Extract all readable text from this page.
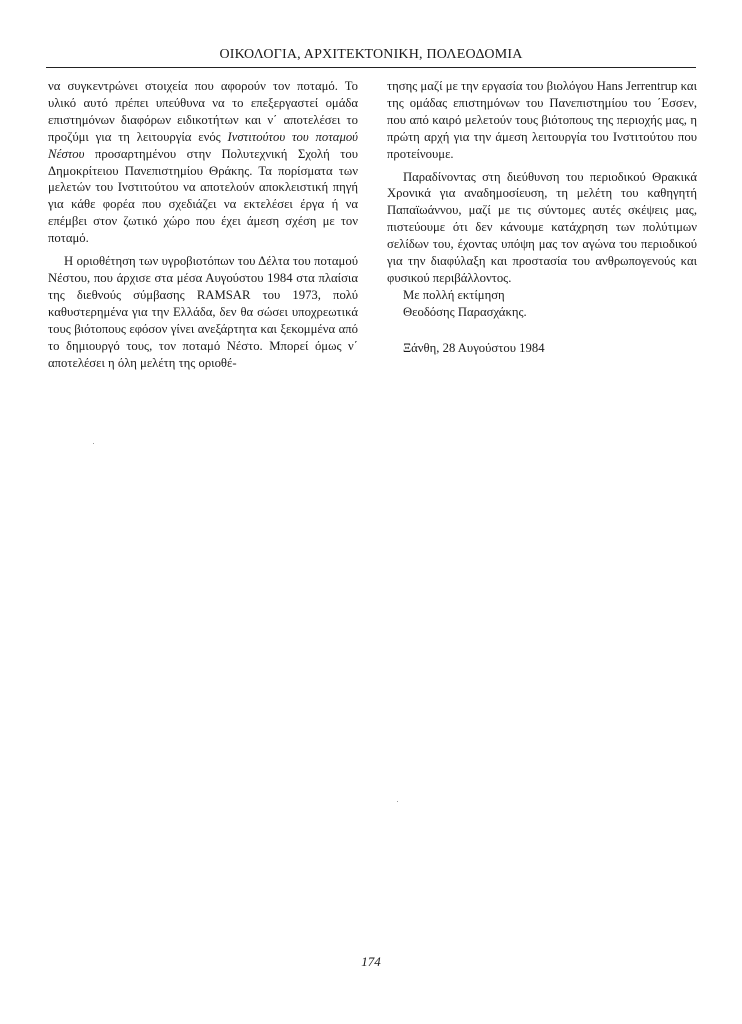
ΟΙΚΟΛΟΓΙΑ, ΑΡΧΙΤΕΚΤΟΝΙΚΗ, ΠΟΛΕΟΔΟΜΙΑ

να συγκεντρώνει στοιχεία που αφορούν τον ποταμό. Το υλικό αυτό πρέπει υπεύθυνα να το επεξεργαστεί ομάδα επιστημόνων διαφόρων ειδικοτήτων και ν΄ αποτελέσει το προζύμι για τη λειτουργία ενός Ινστιτούτου του ποταμού Νέστου προσαρτημένου στην Πολυτεχνική Σχολή του Δημοκρίτειου Πανεπιστημίου Θράκης. Τα πορίσματα των μελετών του Ινστιτούτου να αποτελούν αποκλειστική πηγή για κάθε φορέα που σχεδιάζει να εκτελέσει έργα ή να επέμβει στον ζωτικό χώρο που έχει άμεση σχέση με τον ποταμό.

Η οριοθέτηση των υγροβιοτόπων του Δέλτα του ποταμού Νέστου, που άρχισε στα μέσα Αυγούστου 1984 στα πλαίσια της διεθνούς σύμβασης RAMSAR του 1973, πολύ καθυστερημένα για την Ελλάδα, δεν θα σώσει υποχρεωτικά τους βιότοπους εφόσον γίνει ανεξάρτητα και ξεκομμένα από το δημιουργό τους, τον ποταμό Νέστο. Μπορεί όμως ν΄ αποτελέσει η όλη μελέτη της οριοθέ-

τησης μαζί με την εργασία του βιολόγου Hans Jerrentrup και της ομάδας επιστημόνων του Πανεπιστημίου του ΄Εσσεν, που από καιρό μελετούν τους βιότοπους της περιοχής μας, η πρώτη αρχή για την άμεση λειτουργία του Ινστιτούτου που προτείνουμε.

Παραδίνοντας στη διεύθυνση του περιοδικού Θρακικά Χρονικά για αναδημοσίευση, τη μελέτη του καθηγητή Παπαϊωάννου, μαζί με τις σύντομες αυτές σκέψεις μας, πιστεύουμε ότι δεν κάνουμε κατάχρηση των πολύτιμων σελίδων του, έχοντας υπόψη μας τον αγώνα του περιοδικού για την διαφύλαξη και προστασία του ανθρωπογενούς και φυσικού περιβάλλοντος.

Με πολλή εκτίμηση

Θεοδόσης Παρασχάκης.

Ξάνθη, 28 Αυγούστου 1984

174
